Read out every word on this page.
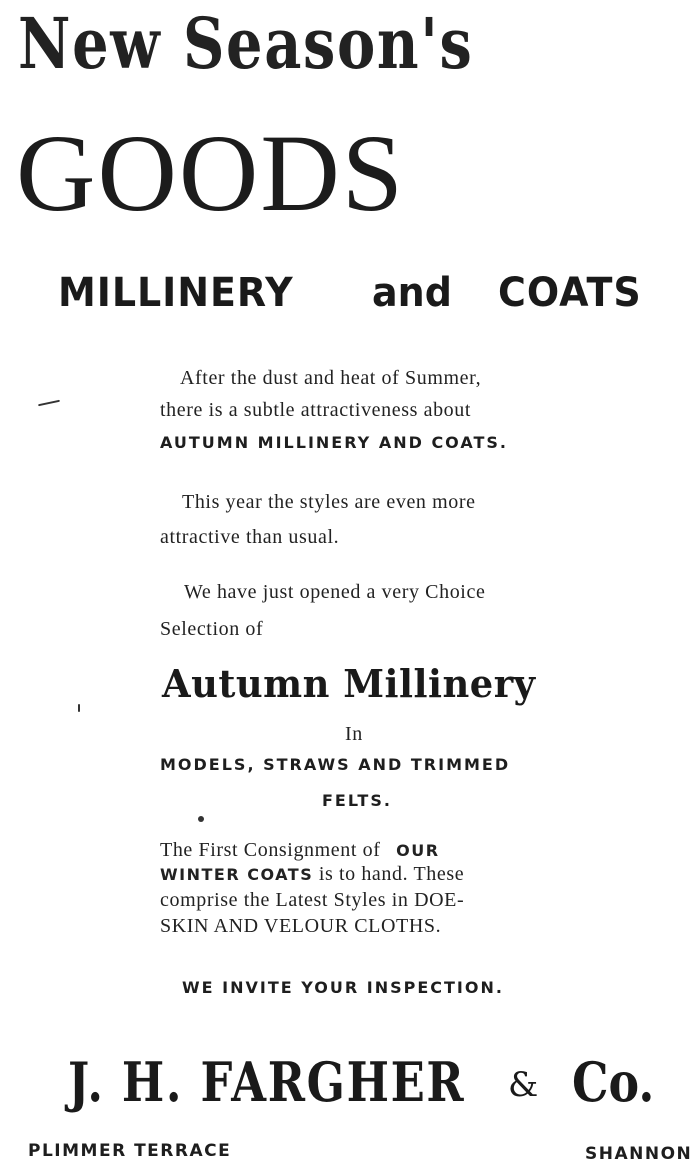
New Season's
GOODS
MILLINERY and COATS
After the dust and heat of Summer,
there is a subtle attractiveness about
AUTUMN MILLINERY AND COATS.
This year the styles are even more
attractive than usual.
We have just opened a very Choice
Selection of
Autumn Millinery
In
MODELS, STRAWS AND TRIMMED
FELTS.
The First Consignment of OUR
WINTER COATS is to hand. These
comprise the Latest Styles in DOE-
SKIN AND VELOUR CLOTHS.
WE INVITE YOUR INSPECTION.
J. H. FARGHER & Co.
PLIMMER TERRACE	SHANNON
